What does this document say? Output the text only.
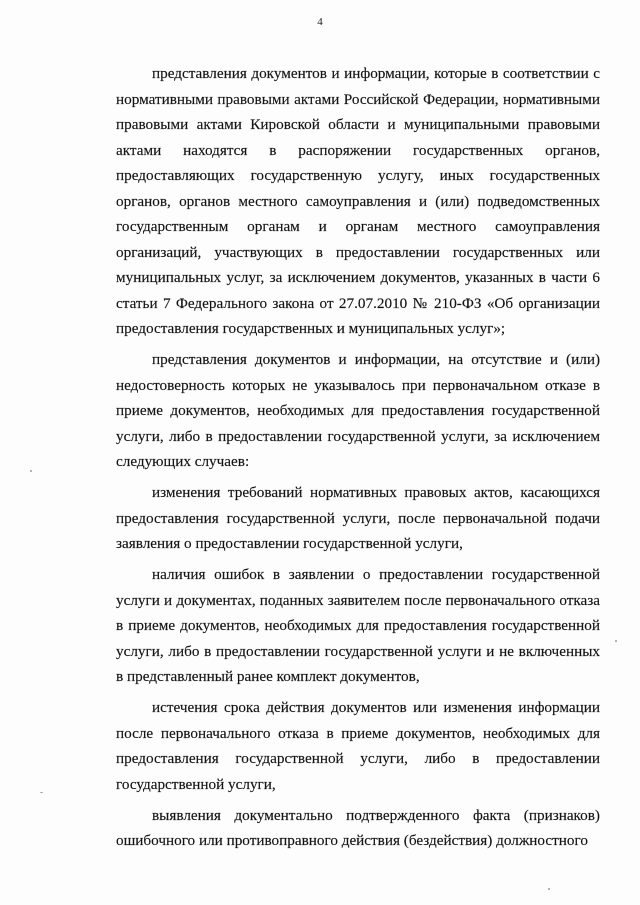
4

представления документов и информации, которые в соответствии с нормативными правовыми актами Российской Федерации, нормативными правовыми актами Кировской области и муниципальными правовыми актами находятся в распоряжении государственных органов, предоставляющих государственную услугу, иных государственных органов, органов местного самоуправления и (или) подведомственных государственным органам и органам местного самоуправления организаций, участвующих в предоставлении государственных или муниципальных услуг, за исключением документов, указанных в части 6 статьи 7 Федерального закона от 27.07.2010 № 210-ФЗ «Об организации предоставления государственных и муниципальных услуг»;

представления документов и информации, на отсутствие и (или) недостоверность которых не указывалось при первоначальном отказе в приеме документов, необходимых для предоставления государственной услуги, либо в предоставлении государственной услуги, за исключением следующих случаев:

изменения требований нормативных правовых актов, касающихся предоставления государственной услуги, после первоначальной подачи заявления о предоставлении государственной услуги,

наличия ошибок в заявлении о предоставлении государственной услуги и документах, поданных заявителем после первоначального отказа в приеме документов, необходимых для предоставления государственной услуги, либо в предоставлении государственной услуги и не включенных в представленный ранее комплект документов,

истечения срока действия документов или изменения информации после первоначального отказа в приеме документов, необходимых для предоставления государственной услуги, либо в предоставлении государственной услуги,

выявления документально подтвержденного факта (признаков) ошибочного или противоправного действия (бездействия) должностного
